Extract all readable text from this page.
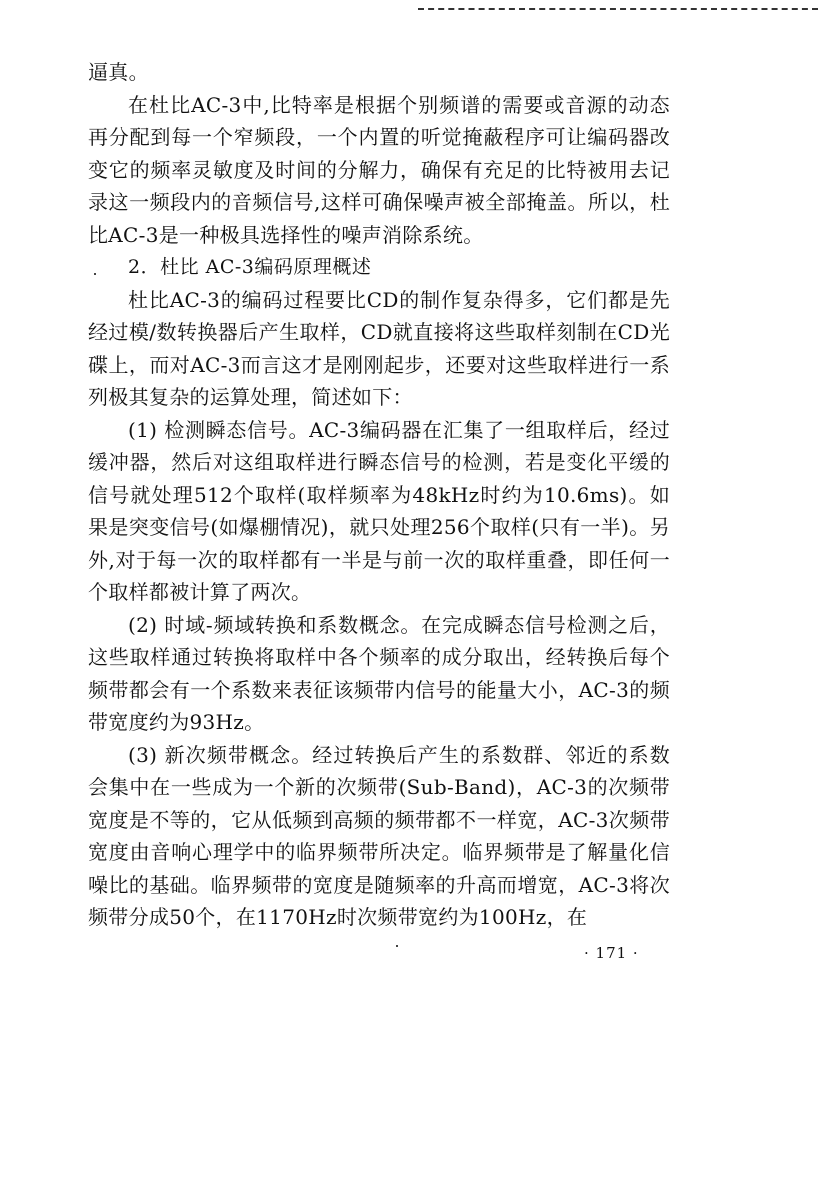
逼真。

在杜比AC-3中,比特率是根据个别频谱的需要或音源的动态再分配到每一个窄频段，一个内置的听觉掩蔽程序可让编码器改变它的频率灵敏度及时间的分解力，确保有充足的比特被用去记录这一频段内的音频信号,这样可确保噪声被全部掩盖。所以，杜比AC-3是一种极具选择性的噪声消除系统。

2．杜比 AC-3编码原理概述

杜比AC-3的编码过程要比CD的制作复杂得多，它们都是先经过模/数转换器后产生取样，CD就直接将这些取样刻制在CD光碟上，而对AC-3而言这才是刚刚起步，还要对这些取样进行一系列极其复杂的运算处理，简述如下：

(1) 检测瞬态信号。AC-3编码器在汇集了一组取样后，经过缓冲器，然后对这组取样进行瞬态信号的检测，若是变化平缓的信号就处理512个取样(取样频率为48kHz时约为10.6ms)。如果是突变信号(如爆棚情况)，就只处理256个取样(只有一半)。另外,对于每一次的取样都有一半是与前一次的取样重叠，即任何一个取样都被计算了两次。

(2) 时域-频域转换和系数概念。在完成瞬态信号检测之后，这些取样通过转换将取样中各个频率的成分取出，经转换后每个频带都会有一个系数来表征该频带内信号的能量大小，AC-3的频带宽度约为93Hz。

(3) 新次频带概念。经过转换后产生的系数群、邻近的系数会集中在一些成为一个新的次频带(Sub-Band)，AC-3的次频带宽度是不等的，它从低频到高频的频带都不一样宽，AC-3次频带宽度由音响心理学中的临界频带所决定。临界频带是了解量化信噪比的基础。临界频带的宽度是随频率的升高而增宽，AC-3将次频带分成50个，在1170Hz时次频带宽约为100Hz，在

· 171 ·
